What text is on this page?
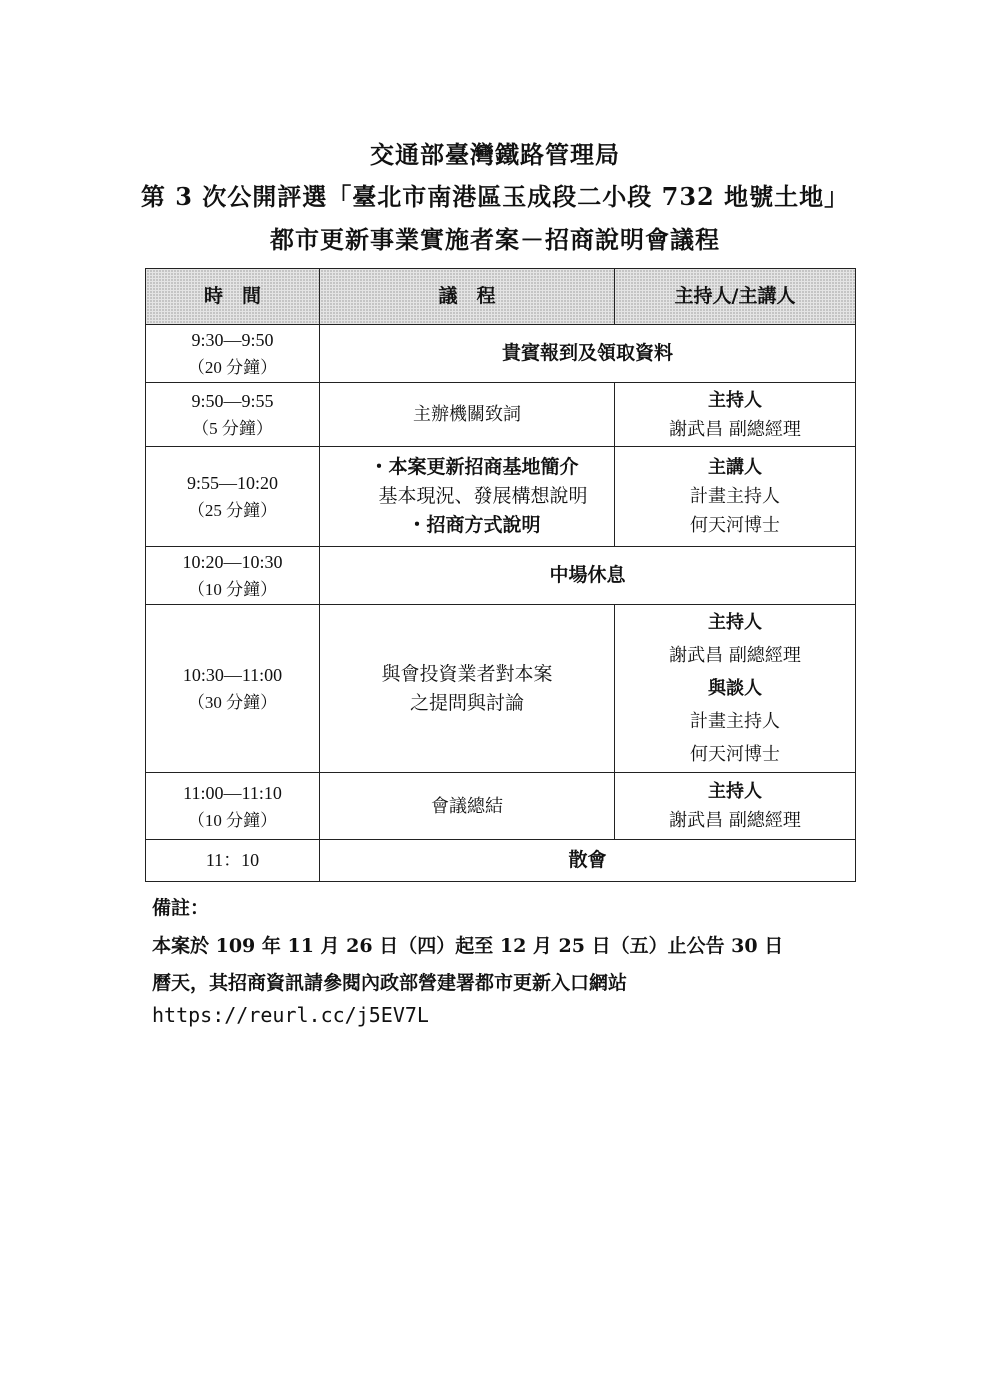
交通部臺灣鐵路管理局
第 3 次公開評選「臺北市南港區玉成段二小段 732 地號土地」
都市更新事業實施者案－招商說明會議程
時　間	議　程	主持人/主講人
9:30—9:50
（20 分鐘）	貴賓報到及領取資料	
9:50—9:55
（5 分鐘）	主辦機關致詞	主持人
謝武昌 副總經理

9:55—10:20
（25 分鐘）	・本案更新招商基地簡介
基本現況、發展構想說明
・招商方式說明	主講人
計畫主持人
何天河博士

10:20—10:30
（10 分鐘）	中場休息	
10:30—11:00
（30 分鐘）	與會投資業者對本案
之提問與討論	主持人
謝武昌 副總經理
與談人
計畫主持人
何天河博士

11:00—11:10
（10 分鐘）	會議總結	主持人
謝武昌 副總經理

11：10	散會	
備註：
本案於 109 年 11 月 26 日（四）起至 12 月 25 日（五）止公告 30 日
曆天，其招商資訊請參閱內政部營建署都市更新入口網站
https://reurl.cc/j5EV7L
